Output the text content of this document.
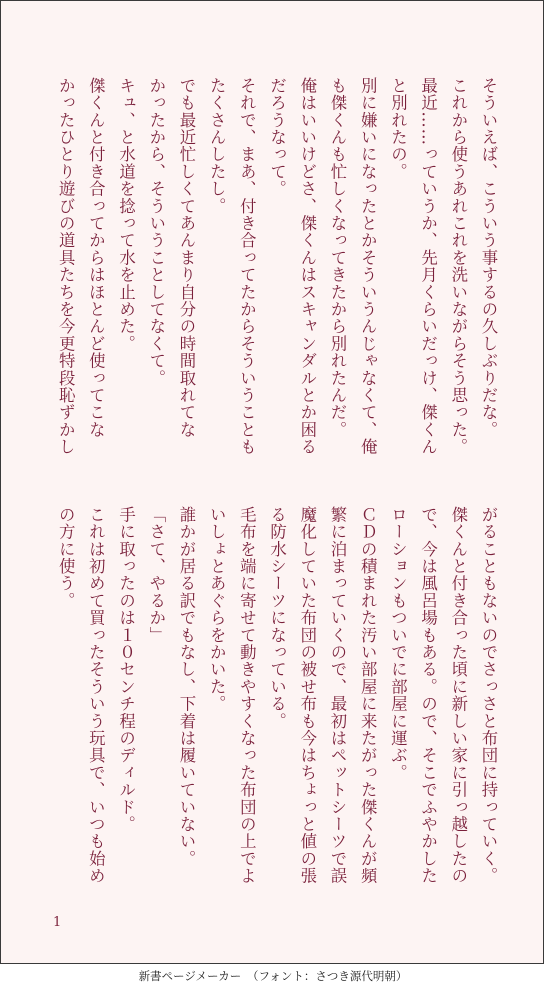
そういえば、こういう事するの久しぶりだな。
これから使うあれこれを洗いながらそう思った。
最近……っていうか、先月くらいだっけ、傑くん
と別れたの。
別に嫌いになったとかそういうんじゃなくて、俺
も傑くんも忙しくなってきたから別れたんだ。
俺はいいけどさ、傑くんはスキャンダルとか困る
だろうなって。
それで、まあ、付き合ってたからそういうことも
たくさんしたし。
でも最近忙しくてあんまり自分の時間取れてな
かったから、そういうことしてなくて。
キュ、と水道を捻って水を止めた。
傑くんと付き合ってからはほとんど使ってこな
かったひとり遊びの道具たちを今更特段恥ずかし
がることもないのでさっさと布団に持っていく。
傑くんと付き合った頃に新しい家に引っ越したの
で、今は風呂場もある。ので、そこでふやかした
ローションもついでに部屋に運ぶ。
ＣＤの積まれた汚い部屋に来たがった傑くんが頻
繁に泊まっていくので、最初はペットシーツで誤
魔化していた布団の被せ布も今はちょっと値の張
る防水シーツになっている。
毛布を端に寄せて動きやすくなった布団の上でよ
いしょとあぐらをかいた。
誰かが居る訳でもなし、下着は履いていない。
「さて、やるか」
手に取ったのは１０センチ程のディルド。
これは初めて買ったそういう玩具で、いつも始め
の方に使う。
1
新書ページメーカー　（フォント：さつき源代明朝）
